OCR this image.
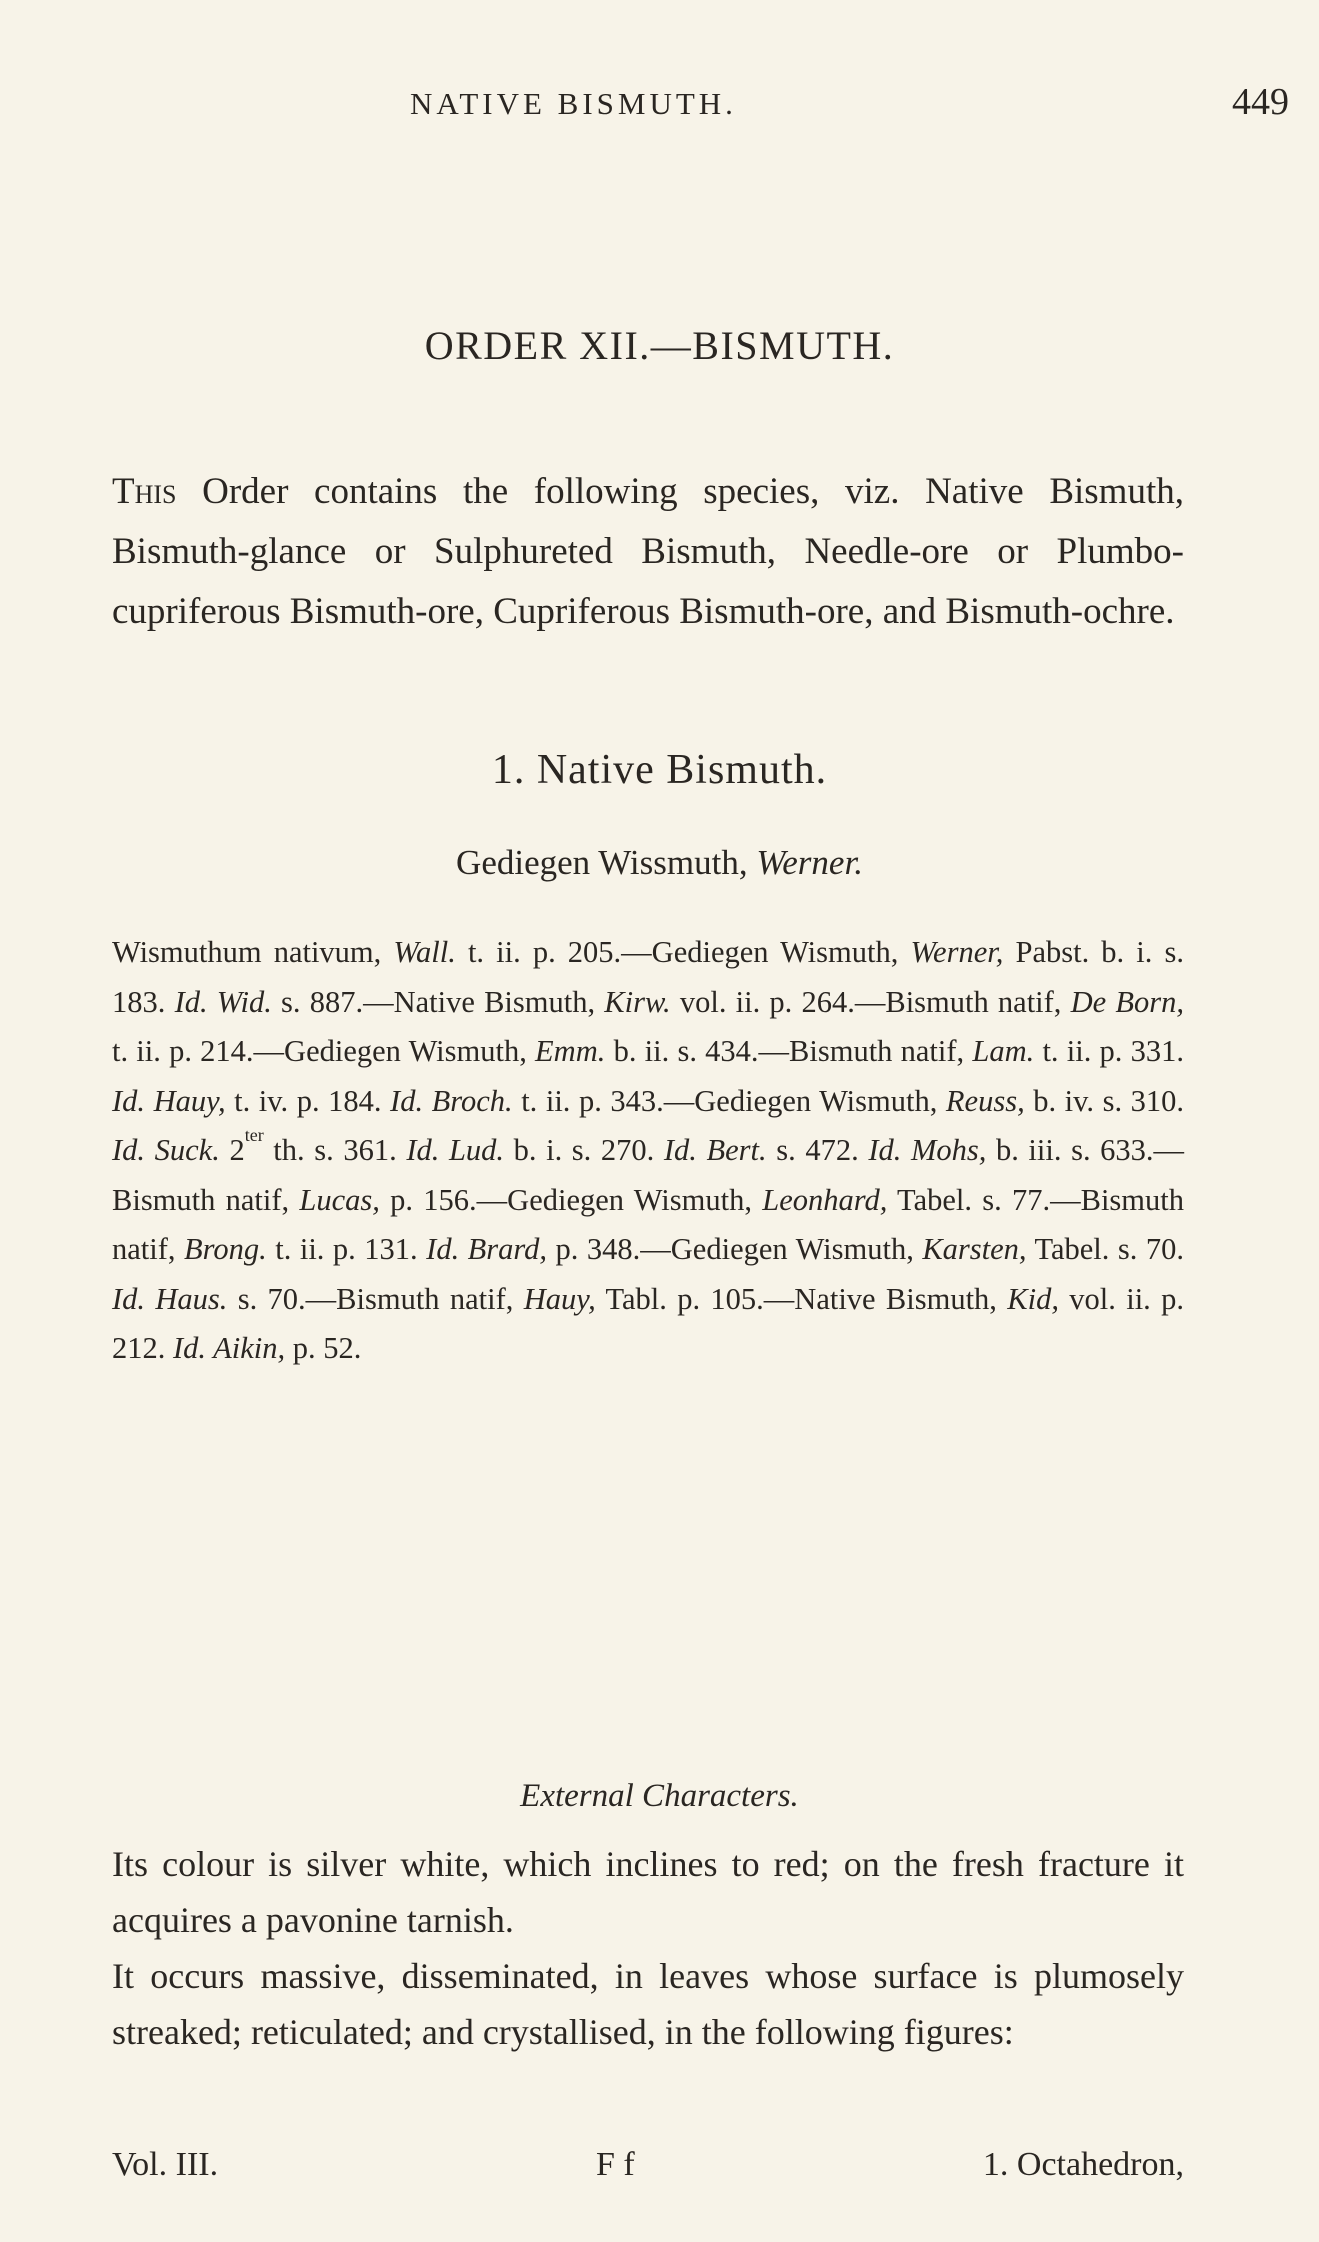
NATIVE BISMUTH.	449
ORDER XII.—BISMUTH.
This Order contains the following species, viz. Native Bismuth, Bismuth-glance or Sulphureted Bismuth, Needle-ore or Plumbo-cupriferous Bismuth-ore, Cupriferous Bismuth-ore, and Bismuth-ochre.
1. Native Bismuth.
Gediegen Wissmuth, Werner.
Wismuthum nativum, Wall. t. ii. p. 205.—Gediegen Wismuth, Werner, Pabst. b. i. s. 183. Id. Wid. s. 887.—Native Bismuth, Kirw. vol. ii. p. 264.—Bismuth natif, De Born, t. ii. p. 214.—Gediegen Wismuth, Emm. b. ii. s. 434.—Bismuth natif, Lam. t. ii. p. 331. Id. Hauy, t. iv. p. 184. Id. Broch. t. ii. p. 343.—Gediegen Wismuth, Reuss, b. iv. s. 310. Id. Suck. $2^{ter}$ th. s. 361. Id. Lud. b. i. s. 270. Id. Bert. s. 472. Id. Mohs, b. iii. s. 633.—Bismuth natif, Lucas, p. 156.—Gediegen Wismuth, Leonhard, Tabel. s. 77.—Bismuth natif, Brong. t. ii. p. 131. Id. Brard, p. 348.—Gediegen Wismuth, Karsten, Tabel. s. 70. Id. Haus. s. 70.—Bismuth natif, Hauy, Tabl. p. 105.—Native Bismuth, Kid, vol. ii. p. 212. Id. Aikin, p. 52.
External Characters.

Its colour is silver white, which inclines to red; on the fresh fracture it acquires a pavonine tarnish.

It occurs massive, disseminated, in leaves whose surface is plumosely streaked; reticulated; and crystallised, in the following figures:

Vol. III.	F f	1. Octahedron,
